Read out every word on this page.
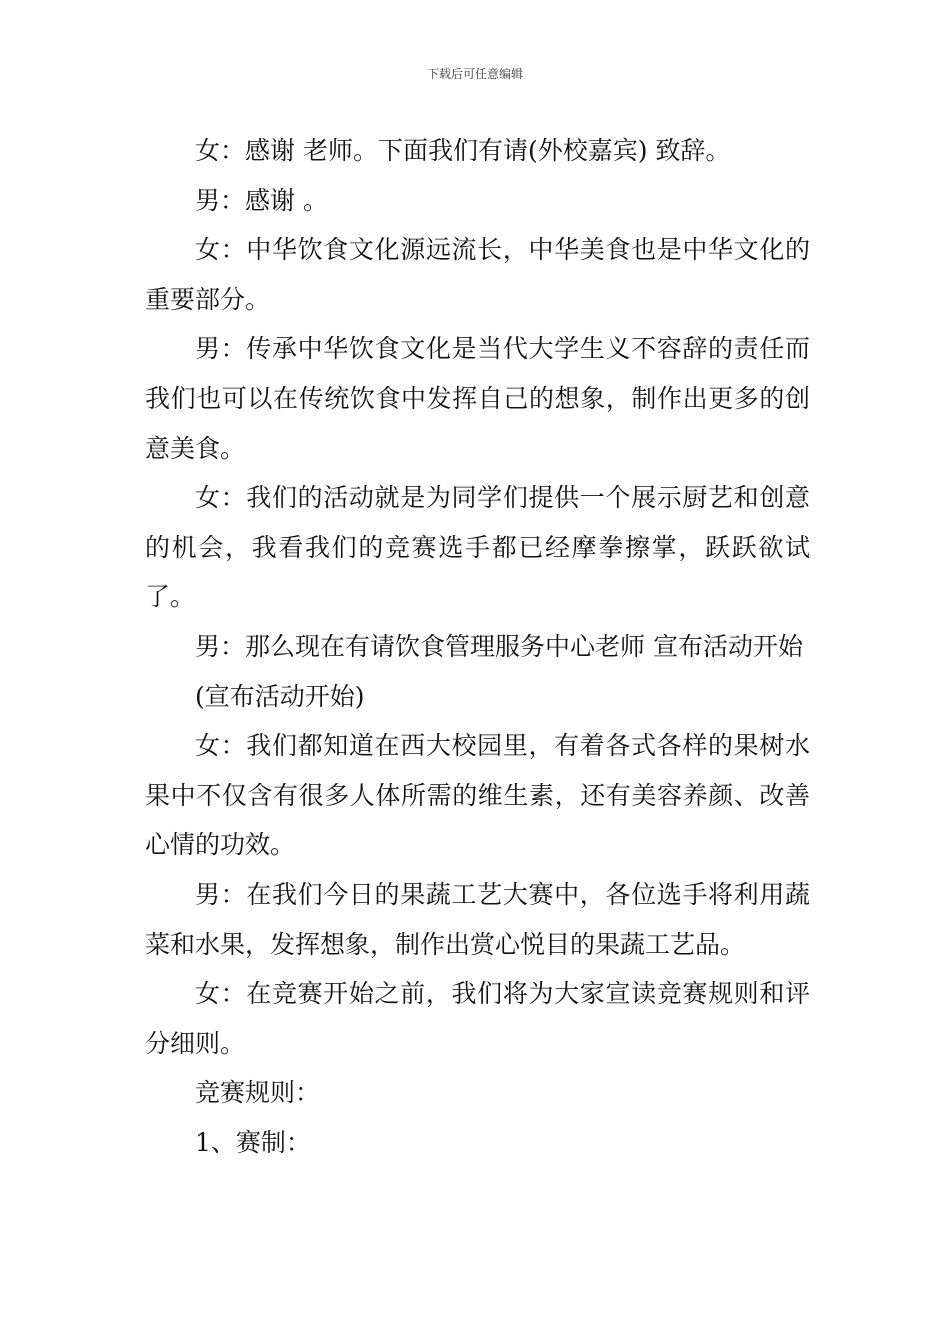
下载后可任意编辑

女：感谢 老师。下面我们有请(外校嘉宾) 致辞。

男：感谢 。

女：中华饮食文化源远流长，中华美食也是中华文化的重要部分。

男：传承中华饮食文化是当代大学生义不容辞的责任而我们也可以在传统饮食中发挥自己的想象，制作出更多的创意美食。

女：我们的活动就是为同学们提供一个展示厨艺和创意的机会，我看我们的竞赛选手都已经摩拳擦掌，跃跃欲试了。

男：那么现在有请饮食管理服务中心老师 宣布活动开始

(宣布活动开始)

女：我们都知道在西大校园里，有着各式各样的果树水果中不仅含有很多人体所需的维生素，还有美容养颜、改善心情的功效。

男：在我们今日的果蔬工艺大赛中，各位选手将利用蔬菜和水果，发挥想象，制作出赏心悦目的果蔬工艺品。

女：在竞赛开始之前，我们将为大家宣读竞赛规则和评分细则。

竞赛规则：

1、赛制：
